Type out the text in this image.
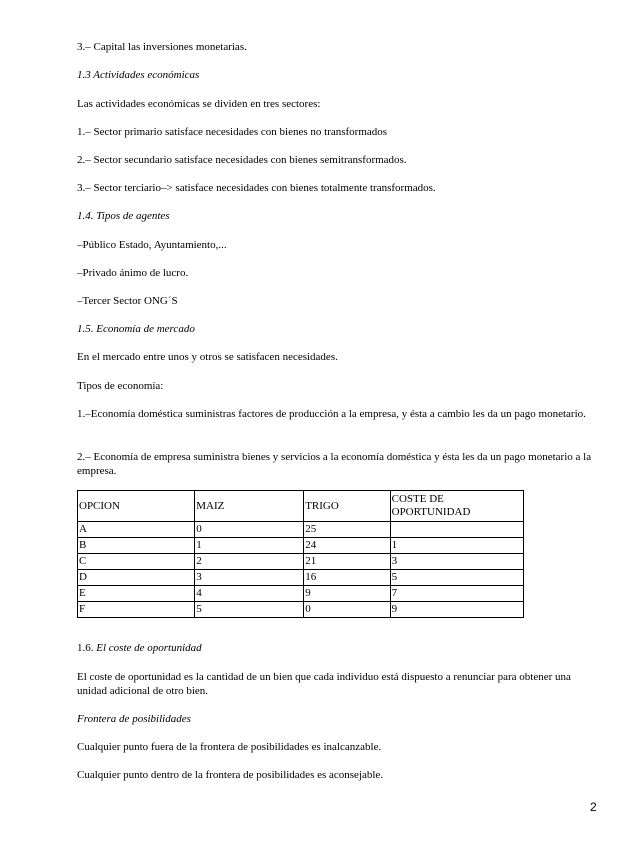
3.– Capital las inversiones monetarias.
1.3 Actividades económicas
Las actividades económicas se dividen en tres sectores:
1.– Sector primario satisface necesidades con bienes no transformados
2.– Sector secundario satisface necesidades con bienes semitransformados.
3.– Sector terciario–> satisface necesidades con bienes totalmente transformados.
1.4. Tipos de agentes
–Público Estado, Ayuntamiento,...
–Privado ánimo de lucro.
–Tercer Sector ONG´S
1.5. Economía de mercado
En el mercado entre unos y otros se satisfacen necesidades.
Tipos de economía:
1.–Economía doméstica suministras factores de producción a la empresa, y ésta a cambio les da un pago monetario.
2.– Economía de empresa suministra bienes y servicios a la economía doméstica y ésta les da un pago monetario a la empresa.
OPCION	MAIZ	TRIGO	COSTE DE OPORTUNIDAD
A	0	25	
B	1	24	1
C	2	21	3
D	3	16	5
E	4	9	7
F	5	0	9
1.6. El coste de oportunidad
El coste de oportunidad es la cantidad de un bien que cada individuo está dispuesto a renunciar para obtener una unidad adicional de otro bien.
Frontera de posibilidades
Cualquier punto fuera de la frontera de posibilidades es inalcanzable.
Cualquier punto dentro de la frontera de posibilidades es aconsejable.
2
